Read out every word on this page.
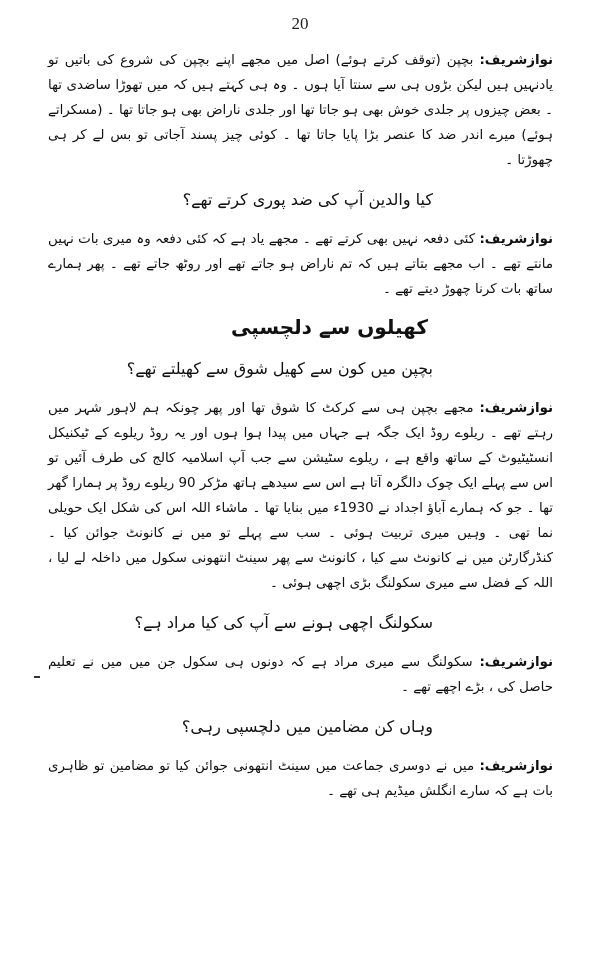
20

نوازشریف: بچپن (توقف کرتے ہوئے) اصل میں مجھے اپنے بچپن کی شروع کی باتیں تو یادنہیں ہیں لیکن بڑوں ہی سے سنتا آیا ہوں ۔ وہ ہی کہتے ہیں کہ میں تھوڑا ساضدی تھا ۔ بعض چیزوں پر جلدی خوش بھی ہو جاتا تھا اور جلدی ناراض بھی ہو جاتا تھا ۔ (مسکراتے ہوئے) میرے اندر ضد کا عنصر بڑا پایا جاتا تھا ۔ کوئی چیز پسند آجاتی تو بس لے کر ہی چھوڑتا ۔

کیا والدین آپ کی ضد پوری کرتے تھے؟

نوازشریف: کئی دفعہ نہیں بھی کرتے تھے ۔ مجھے یاد ہے کہ کئی دفعہ وہ میری بات نہیں مانتے تھے ۔ اب مجھے بتاتے ہیں کہ تم ناراض ہو جاتے تھے اور روٹھ جاتے تھے ۔ پھر ہمارے ساتھ بات کرنا چھوڑ دیتے تھے ۔

کھیلوں سے دلچسپی

بچپن میں کون سے کھیل شوق سے کھیلتے تھے؟

نوازشریف: مجھے بچپن ہی سے کرکٹ کا شوق تھا اور پھر چونکہ ہم لاہور شہر میں رہتے تھے ۔ ریلوے روڈ ایک جگہ ہے جہاں میں پیدا ہوا ہوں اور یہ روڈ ریلوے کے ٹیکنیکل انسٹیٹیوٹ کے ساتھ واقع ہے ، ریلوے سٹیشن سے جب آپ اسلامیہ کالج کی طرف آئیں تو اس سے پہلے ایک چوک دالگرہ آتا ہے اس سے سیدھے ہاتھ مڑکر 90 ریلوے روڈ پر ہمارا گھر تھا ۔ جو کہ ہمارے آباؤ اجداد نے 1930ء میں بنایا تھا ۔ ماشاء اللہ اس کی شکل ایک حویلی نما تھی ۔ وہیں میری تربیت ہوئی ۔ سب سے پہلے تو میں نے کانونٹ جوائن کیا ۔ کنڈرگارٹن میں نے کانونٹ سے کیا ، کانونٹ سے پھر سینٹ انتھونی سکول میں داخلہ لے لیا ، اللہ کے فضل سے میری سکولنگ بڑی اچھی ہوئی ۔

سکولنگ اچھی ہونے سے آپ کی کیا مراد ہے؟

نوازشریف: سکولنگ سے میری مراد ہے کہ دونوں ہی سکول جن میں میں نے تعلیم حاصل کی ، بڑے اچھے تھے ۔

وہاں کن مضامین میں دلچسپی رہی؟

نوازشریف: میں نے دوسری جماعت میں سینٹ انتھونی جوائن کیا تو مضامین تو ظاہری بات ہے کہ سارے انگلش میڈیم ہی تھے ۔
